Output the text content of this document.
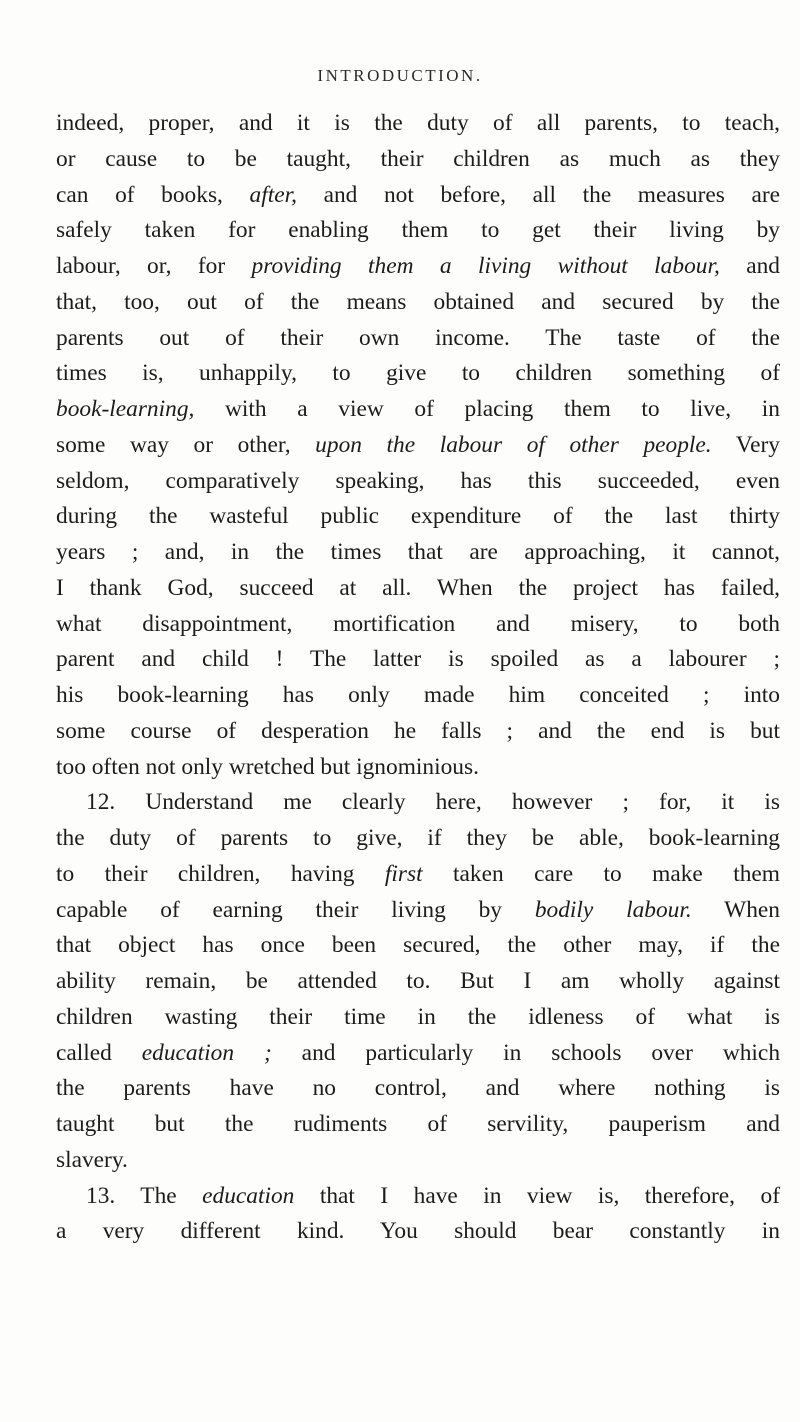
INTRODUCTION.
indeed, proper, and it is the duty of all parents, to teach,
or cause to be taught, their children as much as they
can of books, after, and not before, all the measures are
safely taken for enabling them to get their living by
labour, or, for providing them a living without labour, and
that, too, out of the means obtained and secured by the
parents out of their own income. The taste of the
times is, unhappily, to give to children something of
book-learning, with a view of placing them to live, in
some way or other, upon the labour of other people. Very
seldom, comparatively speaking, has this succeeded, even
during the wasteful public expenditure of the last thirty
years ; and, in the times that are approaching, it cannot,
I thank God, succeed at all. When the project has failed,
what disappointment, mortification and misery, to both
parent and child ! The latter is spoiled as a labourer ;
his book-learning has only made him conceited ; into
some course of desperation he falls ; and the end is but
too often not only wretched but ignominious.
12. Understand me clearly here, however ; for, it is
the duty of parents to give, if they be able, book-learning
to their children, having first taken care to make them
capable of earning their living by bodily labour. When
that object has once been secured, the other may, if the
ability remain, be attended to. But I am wholly against
children wasting their time in the idleness of what is
called education ; and particularly in schools over which
the parents have no control, and where nothing is
taught but the rudiments of servility, pauperism and
slavery.
13. The education that I have in view is, therefore, of
a very different kind. You should bear constantly in
